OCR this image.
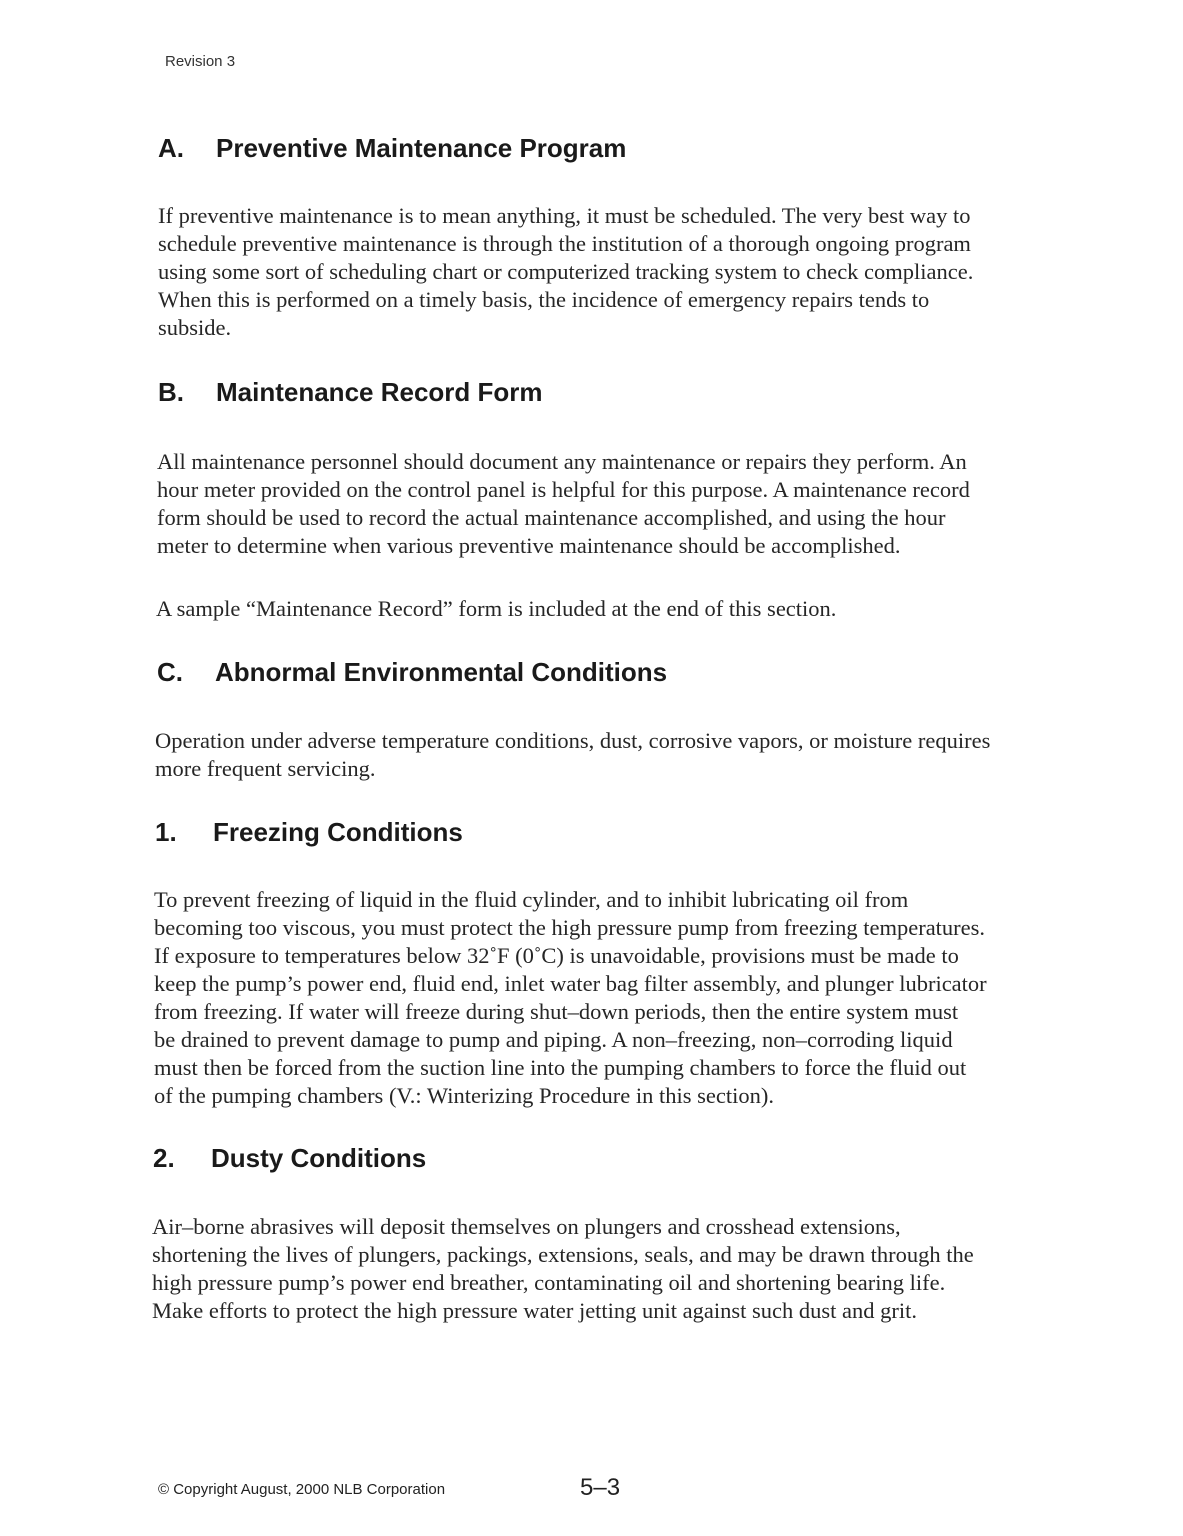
Revision 3
A. Preventive Maintenance Program

If preventive maintenance is to mean anything, it must be scheduled. The very best way to
schedule preventive maintenance is through the institution of a thorough ongoing program
using some sort of scheduling chart or computerized tracking system to check compliance.
When this is performed on a timely basis, the incidence of emergency repairs tends to
subside.

B. Maintenance Record Form

All maintenance personnel should document any maintenance or repairs they perform. An
hour meter provided on the control panel is helpful for this purpose. A maintenance record
form should be used to record the actual maintenance accomplished, and using the hour
meter to determine when various preventive maintenance should be accomplished.

A sample “Maintenance Record” form is included at the end of this section.

C. Abnormal Environmental Conditions

Operation under adverse temperature conditions, dust, corrosive vapors, or moisture requires
more frequent servicing.

1. Freezing Conditions

To prevent freezing of liquid in the fluid cylinder, and to inhibit lubricating oil from
becoming too viscous, you must protect the high pressure pump from freezing temperatures.
If exposure to temperatures below 32˚F (0˚C) is unavoidable, provisions must be made to
keep the pump’s power end, fluid end, inlet water bag filter assembly, and plunger lubricator
from freezing. If water will freeze during shut–down periods, then the entire system must
be drained to prevent damage to pump and piping. A non–freezing, non–corroding liquid
must then be forced from the suction line into the pumping chambers to force the fluid out
of the pumping chambers (V.: Winterizing Procedure in this section).

2. Dusty Conditions

Air–borne abrasives will deposit themselves on plungers and crosshead extensions,
shortening the lives of plungers, packings, extensions, seals, and may be drawn through the
high pressure pump’s power end breather, contaminating oil and shortening bearing life.
Make efforts to protect the high pressure water jetting unit against such dust and grit.

© Copyright August, 2000 NLB Corporation	5–3
